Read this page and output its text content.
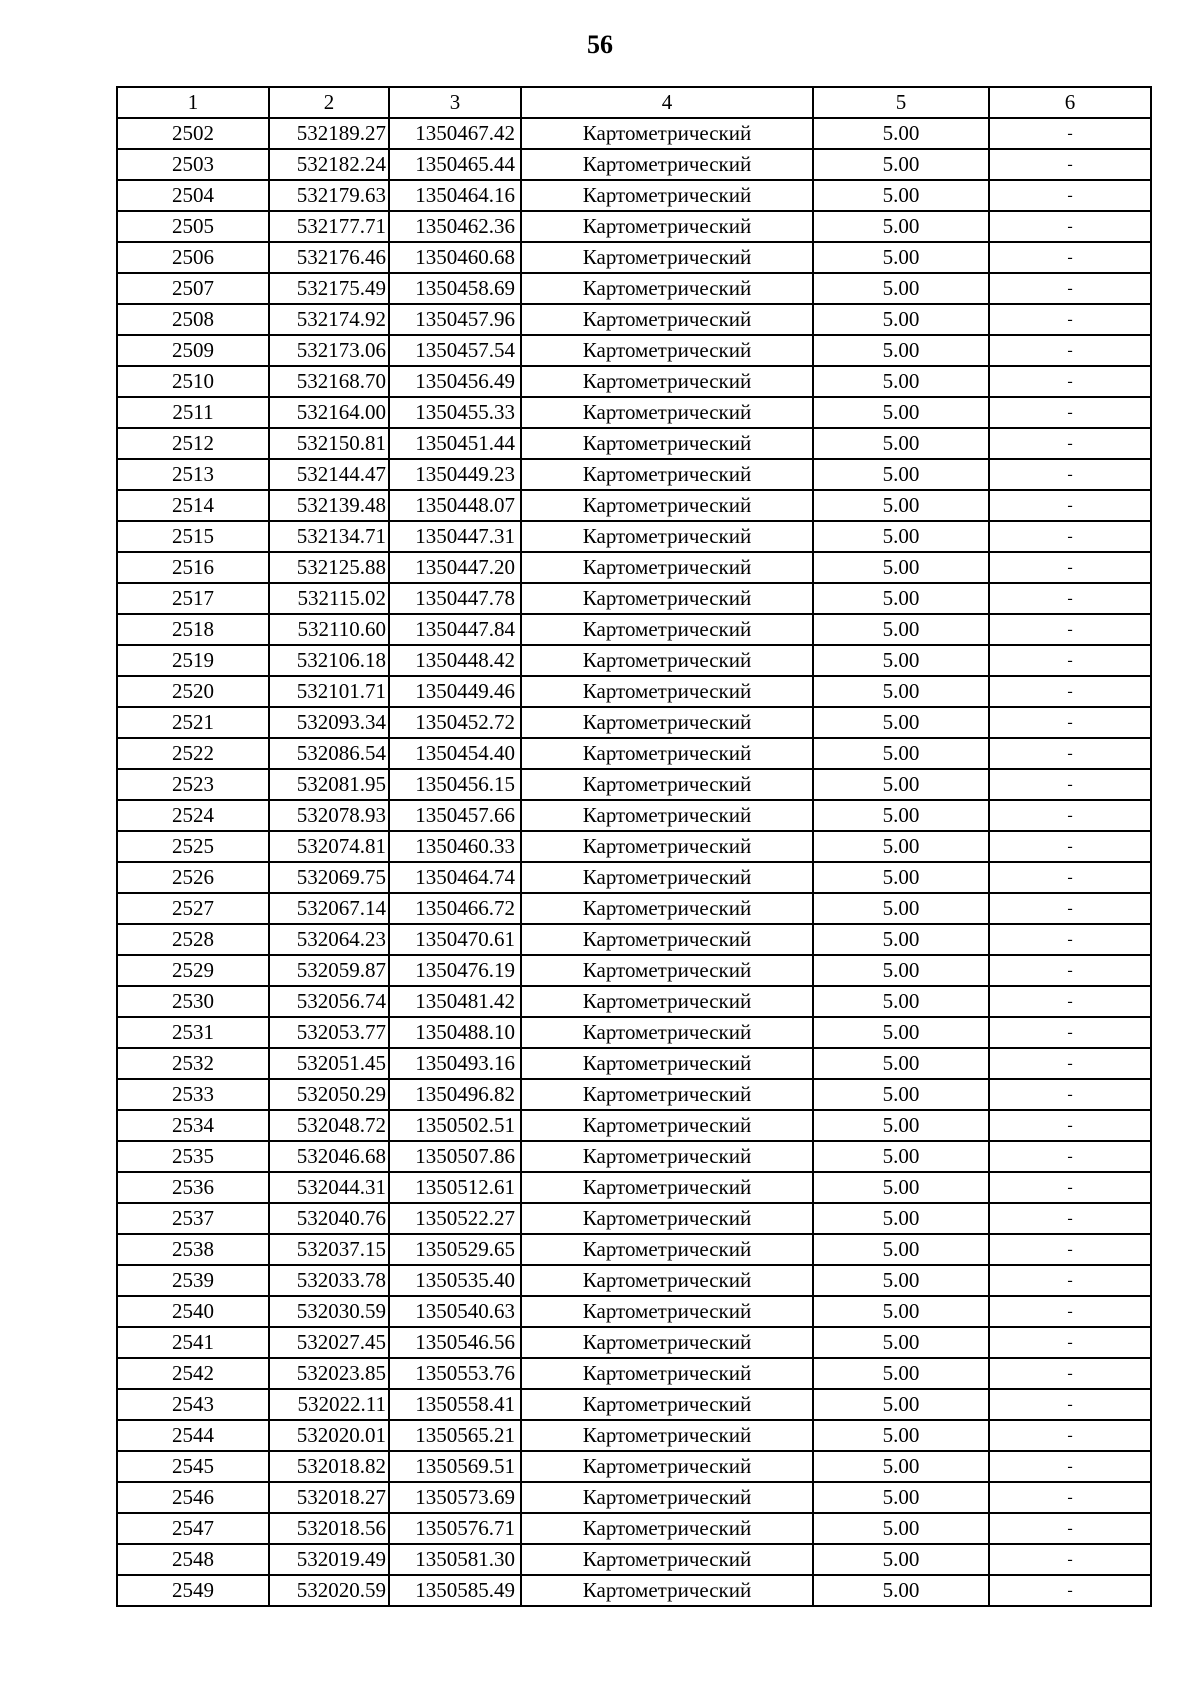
56
1	2	3	4	5	6
2502	532189.27	1350467.42	Картометрический	5.00	-
2503	532182.24	1350465.44	Картометрический	5.00	-
2504	532179.63	1350464.16	Картометрический	5.00	-
2505	532177.71	1350462.36	Картометрический	5.00	-
2506	532176.46	1350460.68	Картометрический	5.00	-
2507	532175.49	1350458.69	Картометрический	5.00	-
2508	532174.92	1350457.96	Картометрический	5.00	-
2509	532173.06	1350457.54	Картометрический	5.00	-
2510	532168.70	1350456.49	Картометрический	5.00	-
2511	532164.00	1350455.33	Картометрический	5.00	-
2512	532150.81	1350451.44	Картометрический	5.00	-
2513	532144.47	1350449.23	Картометрический	5.00	-
2514	532139.48	1350448.07	Картометрический	5.00	-
2515	532134.71	1350447.31	Картометрический	5.00	-
2516	532125.88	1350447.20	Картометрический	5.00	-
2517	532115.02	1350447.78	Картометрический	5.00	-
2518	532110.60	1350447.84	Картометрический	5.00	-
2519	532106.18	1350448.42	Картометрический	5.00	-
2520	532101.71	1350449.46	Картометрический	5.00	-
2521	532093.34	1350452.72	Картометрический	5.00	-
2522	532086.54	1350454.40	Картометрический	5.00	-
2523	532081.95	1350456.15	Картометрический	5.00	-
2524	532078.93	1350457.66	Картометрический	5.00	-
2525	532074.81	1350460.33	Картометрический	5.00	-
2526	532069.75	1350464.74	Картометрический	5.00	-
2527	532067.14	1350466.72	Картометрический	5.00	-
2528	532064.23	1350470.61	Картометрический	5.00	-
2529	532059.87	1350476.19	Картометрический	5.00	-
2530	532056.74	1350481.42	Картометрический	5.00	-
2531	532053.77	1350488.10	Картометрический	5.00	-
2532	532051.45	1350493.16	Картометрический	5.00	-
2533	532050.29	1350496.82	Картометрический	5.00	-
2534	532048.72	1350502.51	Картометрический	5.00	-
2535	532046.68	1350507.86	Картометрический	5.00	-
2536	532044.31	1350512.61	Картометрический	5.00	-
2537	532040.76	1350522.27	Картометрический	5.00	-
2538	532037.15	1350529.65	Картометрический	5.00	-
2539	532033.78	1350535.40	Картометрический	5.00	-
2540	532030.59	1350540.63	Картометрический	5.00	-
2541	532027.45	1350546.56	Картометрический	5.00	-
2542	532023.85	1350553.76	Картометрический	5.00	-
2543	532022.11	1350558.41	Картометрический	5.00	-
2544	532020.01	1350565.21	Картометрический	5.00	-
2545	532018.82	1350569.51	Картометрический	5.00	-
2546	532018.27	1350573.69	Картометрический	5.00	-
2547	532018.56	1350576.71	Картометрический	5.00	-
2548	532019.49	1350581.30	Картометрический	5.00	-
2549	532020.59	1350585.49	Картометрический	5.00	-
